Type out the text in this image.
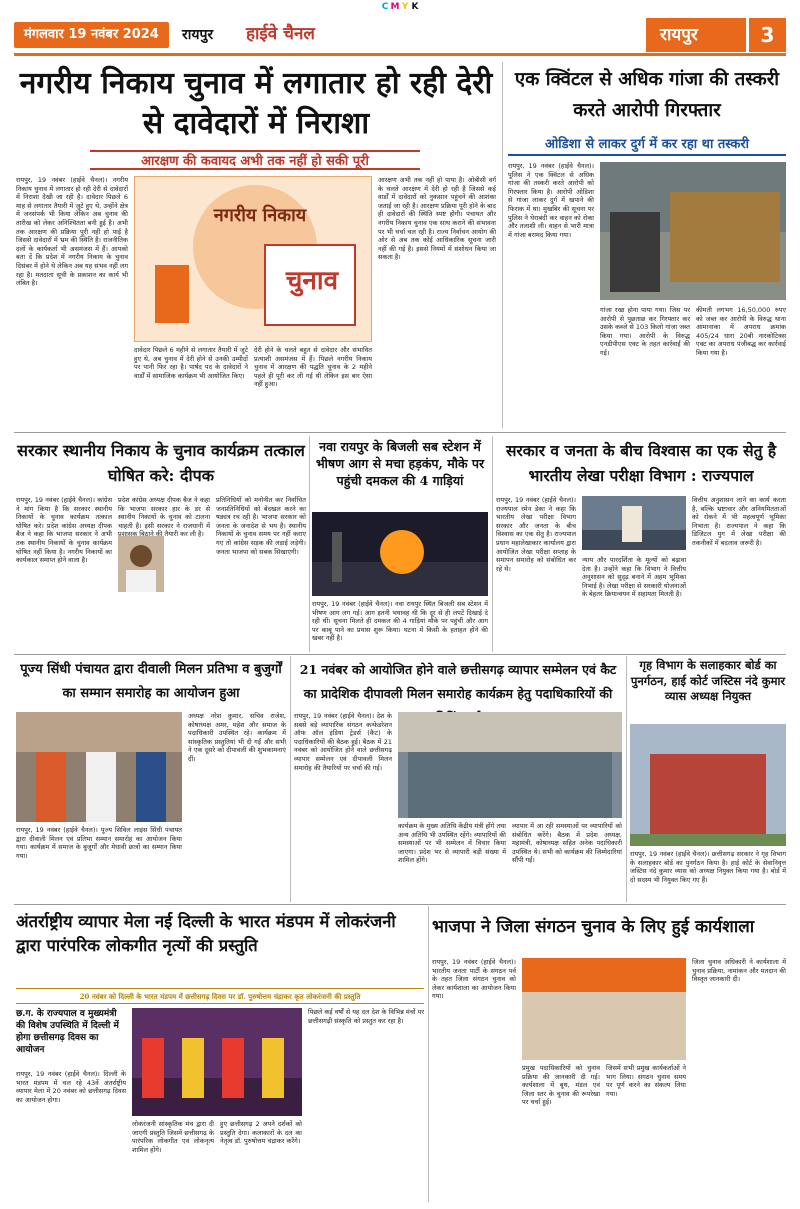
C M Y K
मंगलवार 19 नवंबर 2024	रायपुर हाईवे चैनल	रायपुर	3
नगरीय निकाय चुनाव में लगातार हो रही देरी से दावेदारों में निराशा
आरक्षण की कवायद अभी तक नहीं हो सकी पूरी
रायपुर, 19 नवंबर (हाईवे चैनल)। नगरीय निकाय चुनाव में लगातार हो रही देरी से दावेदारों में निराशा देखी जा रही है। दावेदार पिछले 6 माह से लगातार तैयारी में जुटे हुए थे, उन्होंने क्षेत्र में जनसंपर्क भी किया लेकिन अब चुनाव की तारीख को लेकर अनिश्चितता बनी हुई है। अभी तक आरक्षण की प्रक्रिया पूरी नहीं हो पाई है जिससे दावेदारों में भ्रम की स्थिति है। राजनीतिक दलों के कार्यकर्ता भी असमंजस में हैं। आपको बता दें कि प्रदेश में नगरीय निकाय के चुनाव दिसंबर में होने थे लेकिन अब यह संभव नहीं लग रहा है। मतदाता सूची के प्रकाशन का कार्य भी लंबित है।
नगरीय निकाय
चुनाव
दावेदार पिछले 6 महीने से लगातार तैयारी में जुटे हुए थे, अब चुनाव में देरी होने से उनकी उम्मीदों पर पानी फिर रहा है। पार्षद पद के दावेदारों ने वार्डों में सामाजिक कार्यक्रम भी आयोजित किए।
देरी होने के चलते बहुत से दावेदार और संभावित प्रत्याशी असमंजस में हैं। पिछले नगरीय निकाय चुनाव में आरक्षण की पद्धति चुनाव के 2 महीने पहले ही पूरी कर ली गई थी लेकिन इस बार ऐसा नहीं हुआ।
आरक्षण अभी तक नहीं हो पाया है। ओबीसी वर्ग के चलते आरक्षण में देरी हो रही है जिससे कई वार्डों में दावेदारों को नुकसान पहुंचने की आशंका जताई जा रही है। आरक्षण प्रक्रिया पूरी होने के बाद ही दावेदारों की स्थिति स्पष्ट होगी। पंचायत और नगरीय निकाय चुनाव एक साथ कराने की संभावना पर भी चर्चा चल रही है। राज्य निर्वाचन आयोग की ओर से अब तक कोई आधिकारिक सूचना जारी नहीं की गई है। इससे नियमों में संशोधन किया जा सकता है।
एक क्विंटल से अधिक गांजा की तस्करी करते आरोपी गिरफ्तार
ओडिशा से लाकर दुर्ग में कर रहा था तस्करी
रायपुर, 19 नवंबर (हाईवे चैनल)। पुलिस ने एक क्विंटल से अधिक गांजा की तस्करी करते आरोपी को गिरफ्तार किया है। आरोपी ओडिशा से गांजा लाकर दुर्ग में खपाने की फिराक में था। मुखबिर की सूचना पर पुलिस ने घेराबंदी कर वाहन को रोका और तलाशी ली। वाहन से भारी मात्रा में गांजा बरामद किया गया।
गांजा रखा होना पाया गया। जिस पर आरोपी से पूछताछ कर गिरफ्तार कर उसके कब्जे से 103 किलो गांजा जब्त किया गया। आरोपी के विरुद्ध एनडीपीएस एक्ट के तहत कार्रवाई की गई।
कीमती लगभग 16,50,000 रुपए को जब्त कर आरोपी के विरुद्ध थाना आमानाका में अपराध क्रमांक 405/24 धारा 20बी नारकोटिक्स एक्ट का अपराध पंजीबद्ध कर कार्रवाई किया गया है।
सरकार स्थानीय निकाय के चुनाव कार्यक्रम तत्काल घोषित करे: दीपक
रायपुर, 19 नवंबर (हाईवे चैनल)। कांग्रेस ने मांग किया है कि सरकार स्थानीय निकायों के चुनाव कार्यक्रम तत्काल घोषित करे। प्रदेश कांग्रेस अध्यक्ष दीपक बैज ने कहा कि भाजपा सरकार ने अभी तक स्थानीय निकायों के चुनाव कार्यक्रम घोषित नहीं किया है। नगरीय निकायों का कार्यकाल समाप्त होने वाला है।
प्रदेश कांग्रेस अध्यक्ष दीपक बैज ने कहा कि भाजपा सरकार हार के डर से स्थानीय निकायों के चुनाव को टालना चाहती है। इसी सरकार ने राजधानी में प्रशासक बिठाने की तैयारी कर ली है।
प्रतिनिधियों को मनोनीत कर निर्वाचित जनप्रतिनिधियों को बेदखल करने का षड्यंत्र रच रही है। भाजपा सरकार को जनता के जनादेश से भय है। स्थानीय निकायों के चुनाव समय पर नहीं कराए गए तो कांग्रेस सड़क की लड़ाई लड़ेगी। जनता भाजपा को सबक सिखाएगी।
नवा रायपुर के बिजली सब स्टेशन में भीषण आग से मचा हड़कंप, मौके पर पहुंची दमकल की 4 गाड़ियां
रायपुर, 19 नवंबर (हाईवे चैनल)। नवा रायपुर स्थित बिजली सब स्टेशन में भीषण आग लग गई। आग इतनी भयावह थी कि दूर से ही लपटें दिखाई दे रही थीं। सूचना मिलते ही दमकल की 4 गाड़ियां मौके पर पहुंचीं और आग पर काबू पाने का प्रयास शुरू किया। घटना में किसी के हताहत होने की खबर नहीं है।
सरकार व जनता के बीच विश्वास का एक सेतु है भारतीय लेखा परीक्षा विभाग : राज्यपाल
रायपुर, 19 नवंबर (हाईवे चैनल)। राज्यपाल रमेन डेका ने कहा कि भारतीय लेखा परीक्षा विभाग सरकार और जनता के बीच विश्वास का एक सेतु है। राज्यपाल प्रधान महालेखाकार कार्यालय द्वारा आयोजित लेखा परीक्षा सप्ताह के समापन समारोह को संबोधित कर रहे थे।
न्याय और पारदर्शिता के मूल्यों को बढ़ावा देता है। उन्होंने कहा कि विभाग ने वित्तीय अनुशासन को सुदृढ़ बनाने में अहम भूमिका निभाई है। लेखा परीक्षा से सरकारी योजनाओं के बेहतर क्रियान्वयन में सहायता मिलती है।
वित्तीय अनुशासन लाने का कार्य करता है, बल्कि भ्रष्टाचार और अनियमितताओं को रोकने में भी महत्वपूर्ण भूमिका निभाता है। राज्यपाल ने कहा कि डिजिटल युग में लेखा परीक्षा की तकनीकों में बदलाव जरूरी है।
पूज्य सिंधी पंचायत द्वारा दीवाली मिलन प्रतिभा व बुजुर्गों का सम्मान समारोह का आयोजन हुआ
रायपुर, 19 नवंबर (हाईवे चैनल)। पूज्य सिविल लाइंस सिंधी पंचायत द्वारा दीवाली मिलन एवं प्रतिभा सम्मान समारोह का आयोजन किया गया। कार्यक्रम में समाज के बुजुर्गों और मेधावी छात्रों का सम्मान किया गया।
अध्यक्ष नरेश कुमार, सचिव राजेश, कोषाध्यक्ष अमर, महेश और समाज के पदाधिकारी उपस्थित रहे। कार्यक्रम में सांस्कृतिक प्रस्तुतियां भी दी गईं और सभी ने एक दूसरे को दीपावली की शुभकामनाएं दीं।
21 नवंबर को आयोजित होने वाले छत्तीसगढ़ व्यापार सम्मेलन एवं कैट का प्रादेशिक दीपावली मिलन समारोह कार्यक्रम हेतु पदाधिकारियों की
रायपुर, 19 नवंबर (हाईवे चैनल)। देश के सबसे बड़े व्यापारिक संगठन कन्फेडरेशन ऑफ ऑल इंडिया ट्रेडर्स (कैट) के पदाधिकारियों की बैठक हुई। बैठक में 21 नवंबर को आयोजित होने वाले छत्तीसगढ़ व्यापार सम्मेलन एवं दीपावली मिलन समारोह की तैयारियों पर चर्चा की गई।
कार्यक्रम के मुख्य अतिथि केंद्रीय मंत्री होंगे तथा अन्य अतिथि भी उपस्थित रहेंगे। व्यापारियों की समस्याओं पर भी सम्मेलन में विचार किया जाएगा। प्रदेश भर से व्यापारी बड़ी संख्या में शामिल होंगे।
व्यापार में आ रही समस्याओं पर व्यापारियों को संबोधित करेंगे। बैठक में प्रदेश अध्यक्ष, महामंत्री, कोषाध्यक्ष सहित अनेक पदाधिकारी उपस्थित थे। सभी को कार्यक्रम की जिम्मेदारियां सौंपी गईं।
गृह विभाग के सलाहकार बोर्ड का पुनर्गठन, हाई कोर्ट जस्टिस नंदे कुमार व्यास अध्यक्ष नियुक्त
रायपुर, 19 नवंबर (हाईवे चैनल)। छत्तीसगढ़ सरकार ने गृह विभाग के सलाहकार बोर्ड का पुनर्गठन किया है। हाई कोर्ट के सेवानिवृत्त जस्टिस नंदे कुमार व्यास को अध्यक्ष नियुक्त किया गया है। बोर्ड में दो सदस्य भी नियुक्त किए गए हैं।
अंतर्राष्ट्रीय व्यापार मेला नई दिल्ली के भारत मंडपम में लोकरंजनी द्वारा पारंपरिक लोकगीत नृत्यों की प्रस्तुति
20 नवंबर को दिल्ली के भारत मंडपम में छत्तीसगढ़ दिवस पर डॉ. पुरुषोत्तम चंद्राकर कृत लोकरंजनी की प्रस्तुति
छ.ग. के राज्यपाल व मुख्यमंत्री की विशेष उपस्थिति में दिल्ली में होगा छत्तीसगढ़ दिवस का आयोजन
रायपुर, 19 नवंबर (हाईवे चैनल)। दिल्ली के भारत मंडपम में चल रहे 43वें अंतर्राष्ट्रीय व्यापार मेला में 20 नवंबर को छत्तीसगढ़ दिवस का आयोजन होगा।
लोकरंजनी सांस्कृतिक मंच द्वारा दी जाएगी प्रस्तुति जिसमें छत्तीसगढ़ के पारंपरिक लोकगीत एवं लोकनृत्य शामिल होंगे।
हुए छत्तीसगढ़ 2 अपने दर्शकों को प्रस्तुति देगा। कलाकारों के दल का नेतृत्व डॉ. पुरुषोत्तम चंद्राकर करेंगे।
पिछले कई वर्षों से यह दल देश के विभिन्न मंचों पर छत्तीसगढ़ी संस्कृति को प्रस्तुत कर रहा है।
भाजपा ने जिला संगठन चुनाव के लिए हुई कार्यशाला
रायपुर, 19 नवंबर (हाईवे चैनल)। भारतीय जनता पार्टी के संगठन पर्व के तहत जिला संगठन चुनाव को लेकर कार्यशाला का आयोजन किया गया।
प्रमुख पदाधिकारियों को चुनाव प्रक्रिया की जानकारी दी गई। कार्यशाला में बूथ, मंडल एवं जिला स्तर के चुनाव की रूपरेखा पर चर्चा हुई।
जिसमें सभी प्रमुख कार्यकर्ताओं ने भाग लिया। संगठन चुनाव समय पर पूर्ण करने का संकल्प लिया गया।
जिला चुनाव अधिकारी ने कार्यशाला में चुनाव प्रक्रिया, नामांकन और मतदान की विस्तृत जानकारी दी।
